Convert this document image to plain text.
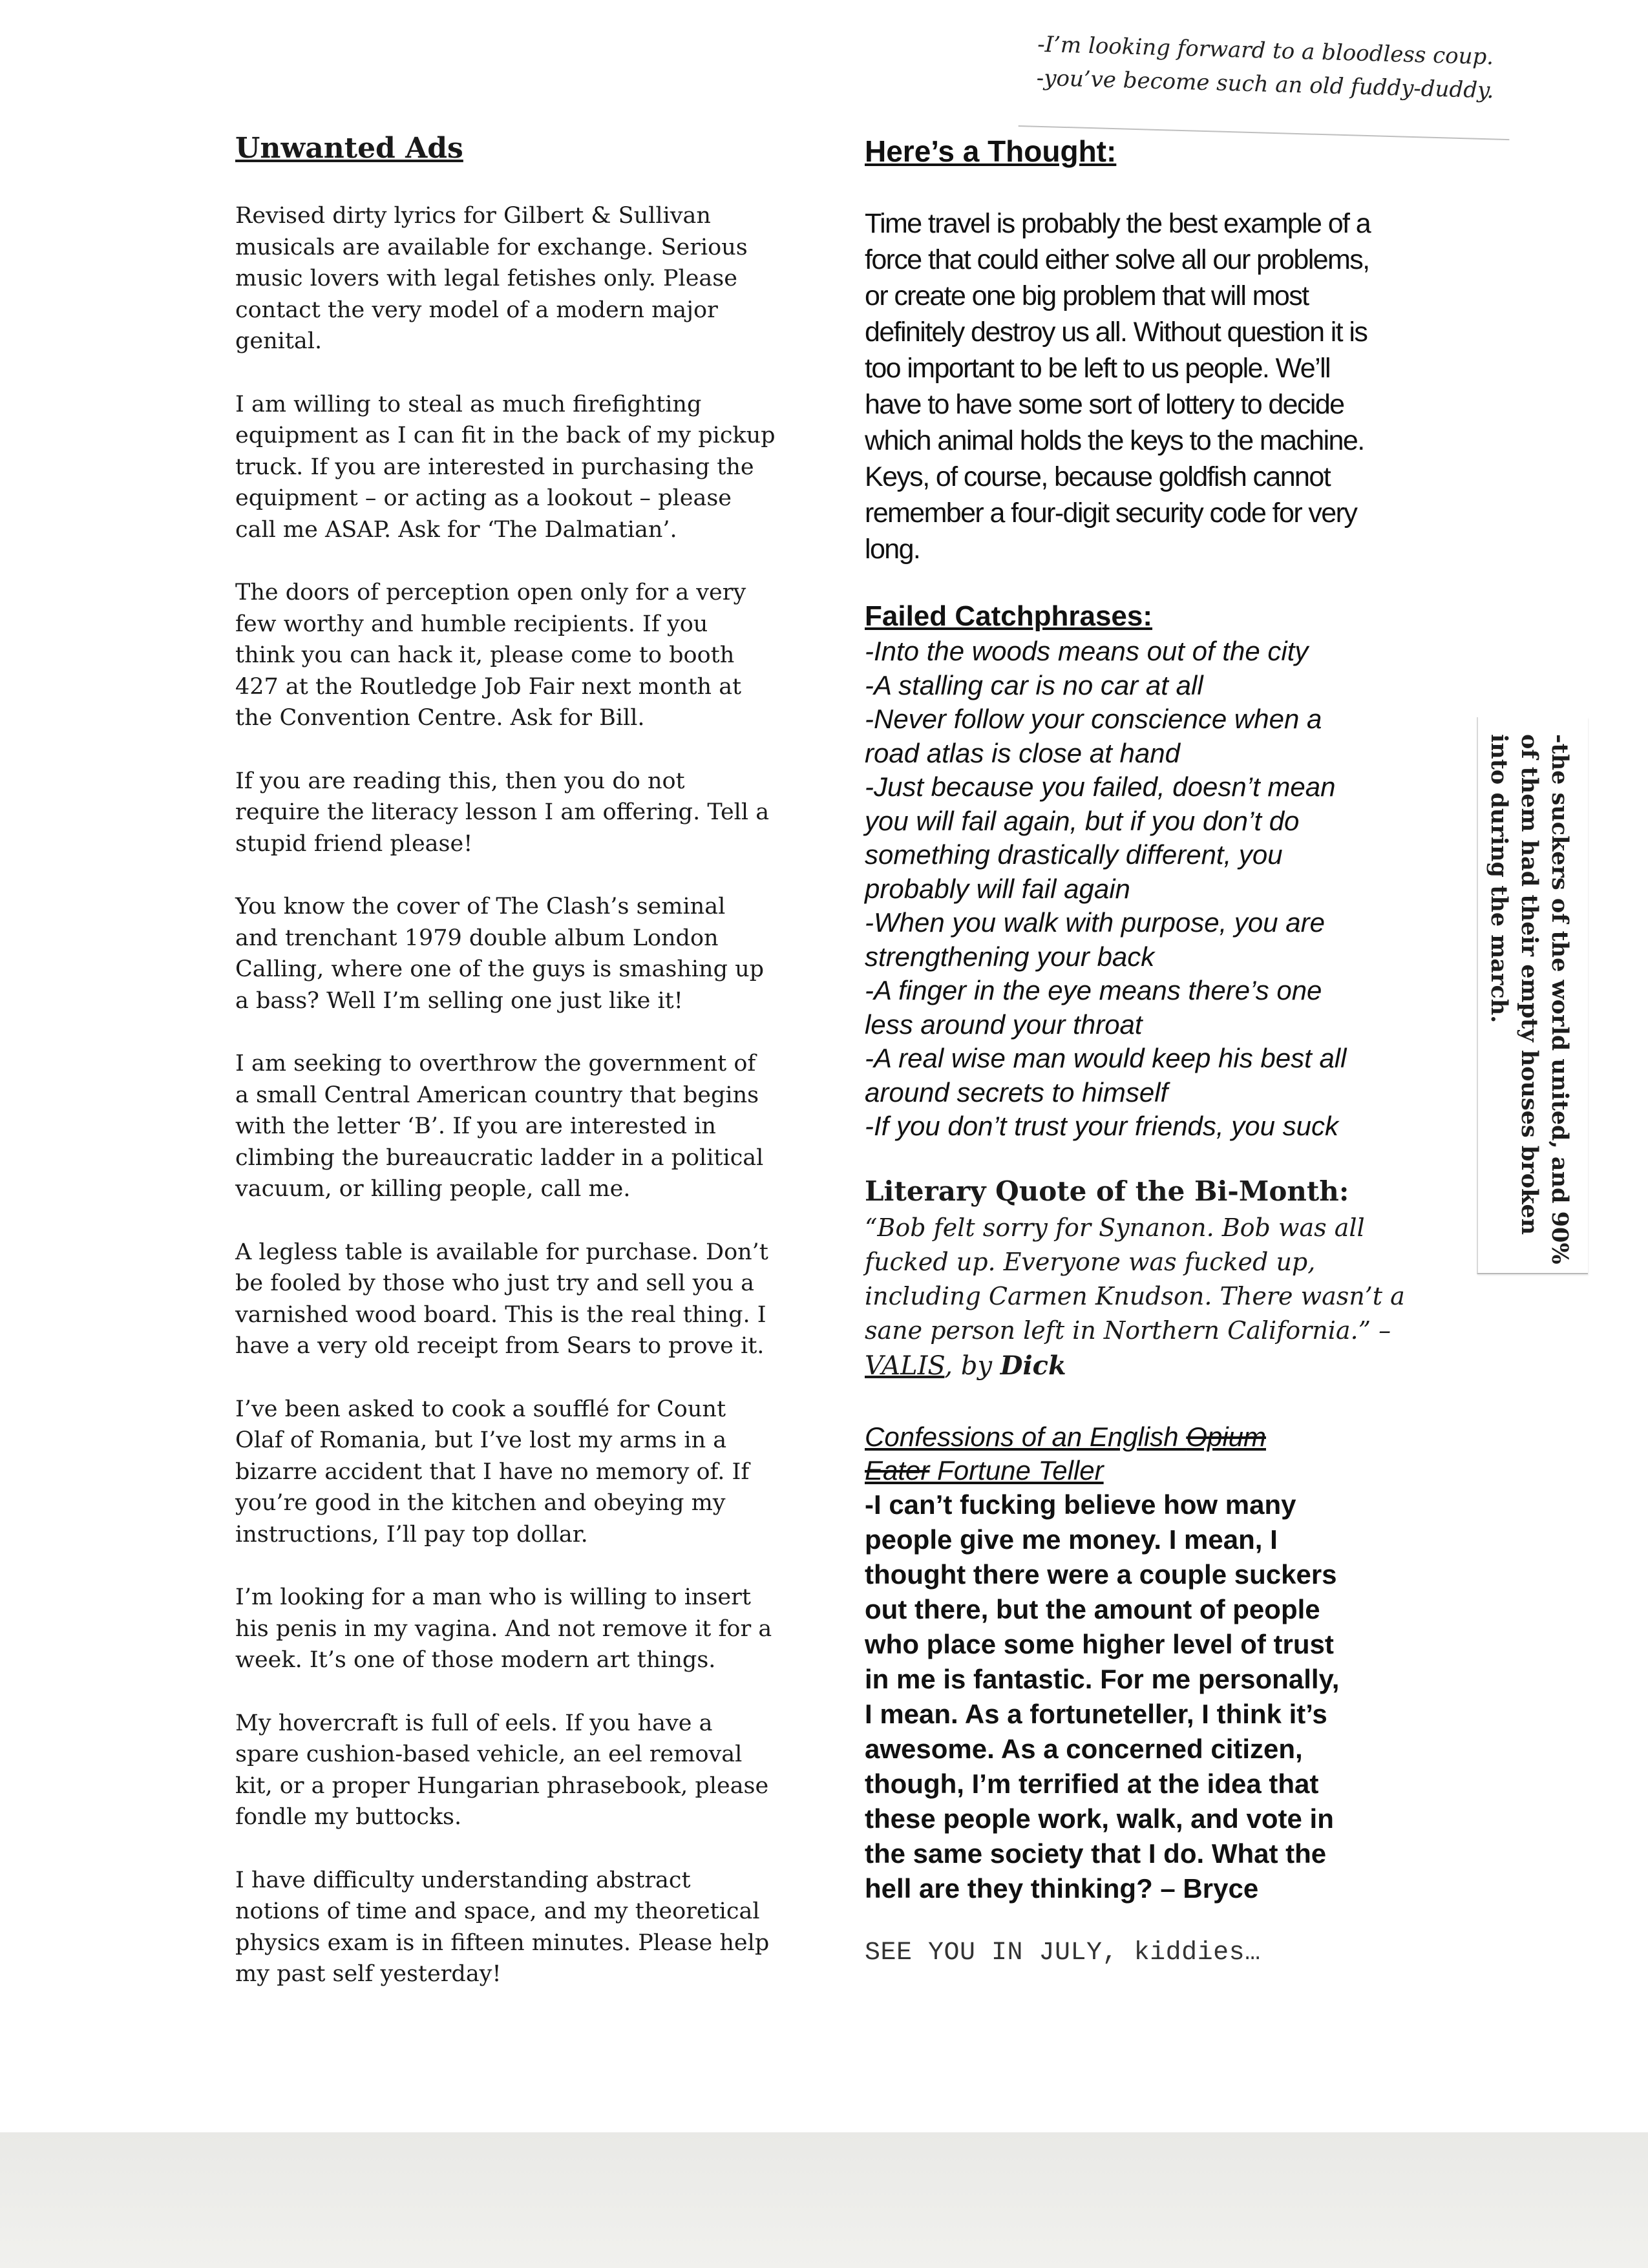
Unwanted Ads
Revised dirty lyrics for Gilbert & Sullivan
musicals are available for exchange. Serious
music lovers with legal fetishes only. Please
contact the very model of a modern major
genital.
I am willing to steal as much firefighting
equipment as I can fit in the back of my pickup
truck. If you are interested in purchasing the
equipment – or acting as a lookout – please
call me ASAP. Ask for ‘The Dalmatian’.
The doors of perception open only for a very
few worthy and humble recipients. If you
think you can hack it, please come to booth
427 at the Routledge Job Fair next month at
the Convention Centre. Ask for Bill.
If you are reading this, then you do not
require the literacy lesson I am offering. Tell a
stupid friend please!
You know the cover of The Clash’s seminal
and trenchant 1979 double album London
Calling, where one of the guys is smashing up
a bass? Well I’m selling one just like it!
I am seeking to overthrow the government of
a small Central American country that begins
with the letter ‘B’. If you are interested in
climbing the bureaucratic ladder in a political
vacuum, or killing people, call me.
A legless table is available for purchase. Don’t
be fooled by those who just try and sell you a
varnished wood board. This is the real thing. I
have a very old receipt from Sears to prove it.
I’ve been asked to cook a soufflé for Count
Olaf of Romania, but I’ve lost my arms in a
bizarre accident that I have no memory of. If
you’re good in the kitchen and obeying my
instructions, I’ll pay top dollar.
I’m looking for a man who is willing to insert
his penis in my vagina. And not remove it for a
week. It’s one of those modern art things.
My hovercraft is full of eels. If you have a
spare cushion-based vehicle, an eel removal
kit, or a proper Hungarian phrasebook, please
fondle my buttocks.
I have difficulty understanding abstract
notions of time and space, and my theoretical
physics exam is in fifteen minutes. Please help
my past self yesterday!
Here’s a Thought:
Time travel is probably the best example of a
force that could either solve all our problems,
or create one big problem that will most
definitely destroy us all. Without question it is
too important to be left to us people. We’ll
have to have some sort of lottery to decide
which animal holds the keys to the machine.
Keys, of course, because goldfish cannot
remember a four-digit security code for very
long.
Failed Catchphrases:
-Into the woods means out of the city
-A stalling car is no car at all
-Never follow your conscience when a
road atlas is close at hand
-Just because you failed, doesn’t mean
you will fail again, but if you don’t do
something drastically different, you
probably will fail again
-When you walk with purpose, you are
strengthening your back
-A finger in the eye means there’s one
less around your throat
-A real wise man would keep his best all
around secrets to himself
-If you don’t trust your friends, you suck
Literary Quote of the Bi-Month:
“Bob felt sorry for Synanon. Bob was all
fucked up. Everyone was fucked up,
including Carmen Knudson. There wasn’t a
sane person left in Northern California.” –

VALIS, by Dick

Confessions of an English Opium
Eater Fortune Teller

-I can’t fucking believe how many
people give me money. I mean, I
thought there were a couple suckers
out there, but the amount of people
who place some higher level of trust
in me is fantastic. For me personally,
I mean. As a fortuneteller, I think it’s
awesome. As a concerned citizen,
though, I’m terrified at the idea that
these people work, walk, and vote in
the same society that I do. What the
hell are they thinking? – Bryce

SEE YOU IN JULY, kiddies…

-I’m looking forward to a bloodless coup.

-you’ve become such an old fuddy-duddy.

-the suckers of the world united, and 90%

of them had their empty houses broken

into during the march.
